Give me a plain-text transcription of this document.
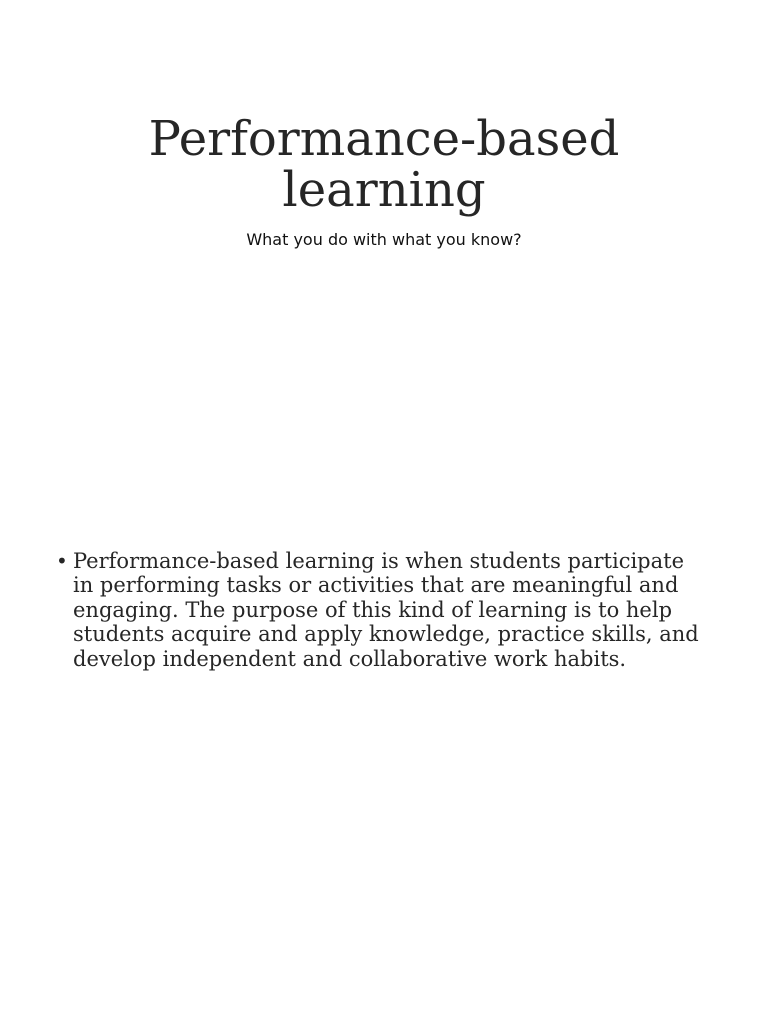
Performance-based learning

What you do with what you know?

• Performance-based learning is when students participate in performing tasks or activities that are meaningful and engaging. The purpose of this kind of learning is to help students acquire and apply knowledge, practice skills, and develop independent and collaborative work habits.
